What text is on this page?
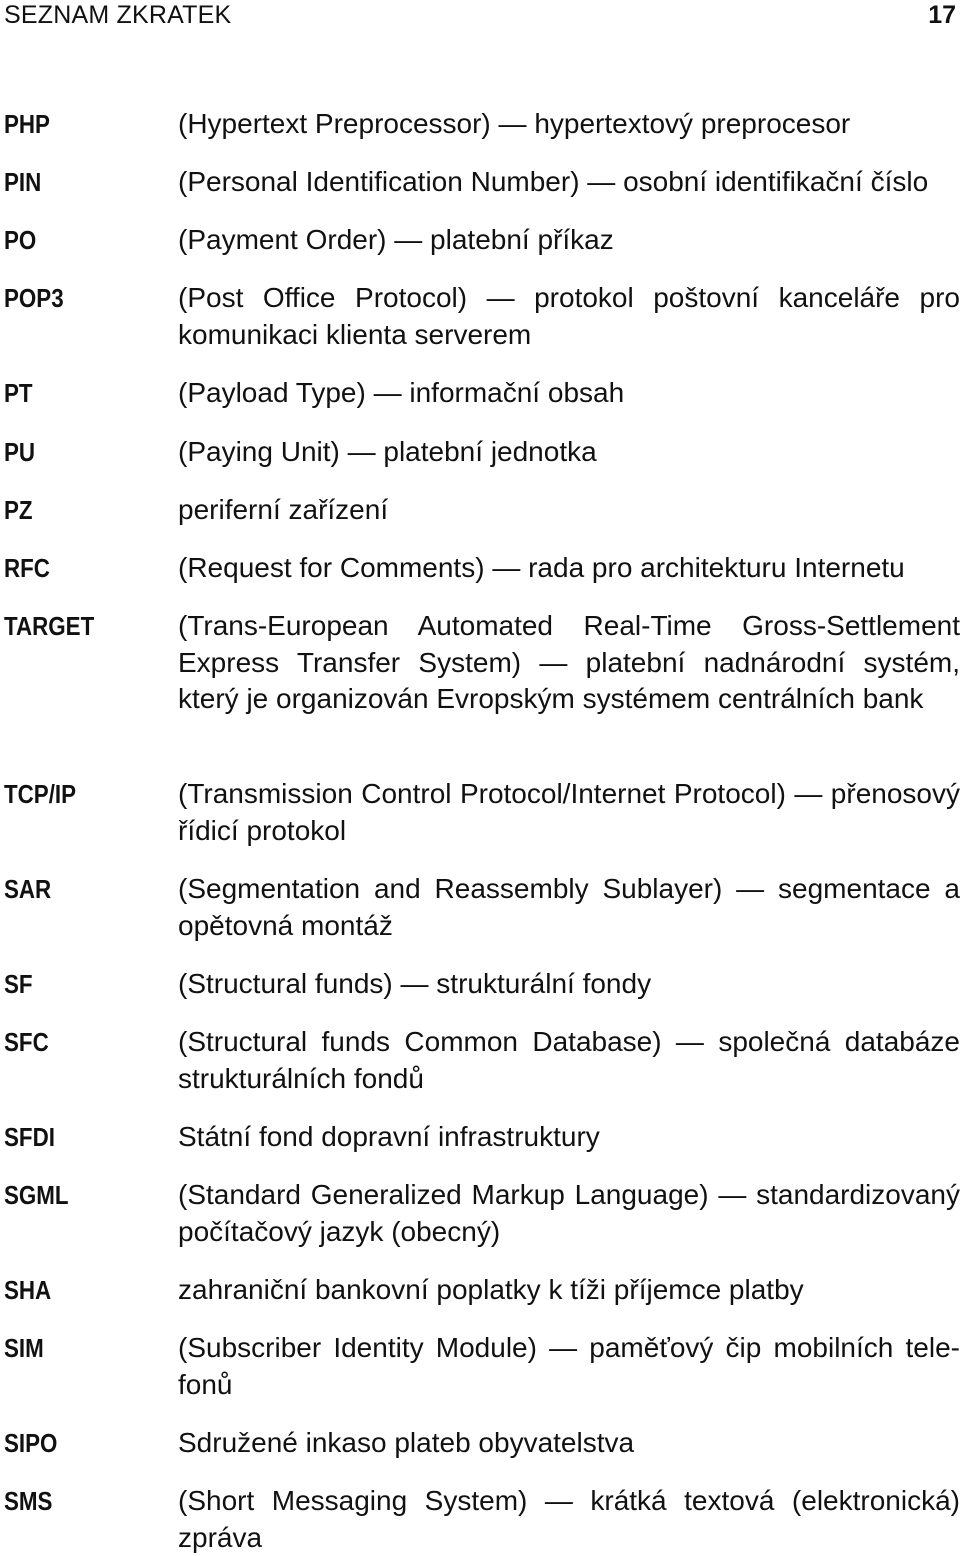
SEZNAM ZKRATEK	17
PHP	(Hypertext Preprocessor) — hypertextový preprocesor
PIN	(Personal Identification Number) — osobní identifikační číslo
PO	(Payment Order) — platební příkaz
POP3	(Post Office Protocol) — protokol poštovní kanceláře pro komunikaci klienta serverem
PT	(Payload Type) — informační obsah
PU	(Paying Unit) — platební jednotka
PZ	periferní zařízení
RFC	(Request for Comments) — rada pro architekturu Internetu
TARGET	(Trans-European Automated Real-Time Gross-Settlement Express Transfer System) — platební nadnárodní systém, který je organizován Evropským systémem centrálních bank
TCP/IP	(Transmission Control Protocol/Internet Protocol) — přenosový řídicí protokol
SAR	(Segmentation and Reassembly Sublayer) — segmentace a opětovná montáž
SF	(Structural funds) — strukturální fondy
SFC	(Structural funds Common Database) — společná databáze strukturálních fondů
SFDI	Státní fond dopravní infrastruktury
SGML	(Standard Generalized Markup Language) — standardizovaný počítačový jazyk (obecný)
SHA	zahraniční bankovní poplatky k tíži příjemce platby
SIM	(Subscriber Identity Module) — paměťový čip mobilních telefonů
SIPO	Sdružené inkaso plateb obyvatelstva
SMS	(Short Messaging System) — krátká textová (elektronická) zpráva
